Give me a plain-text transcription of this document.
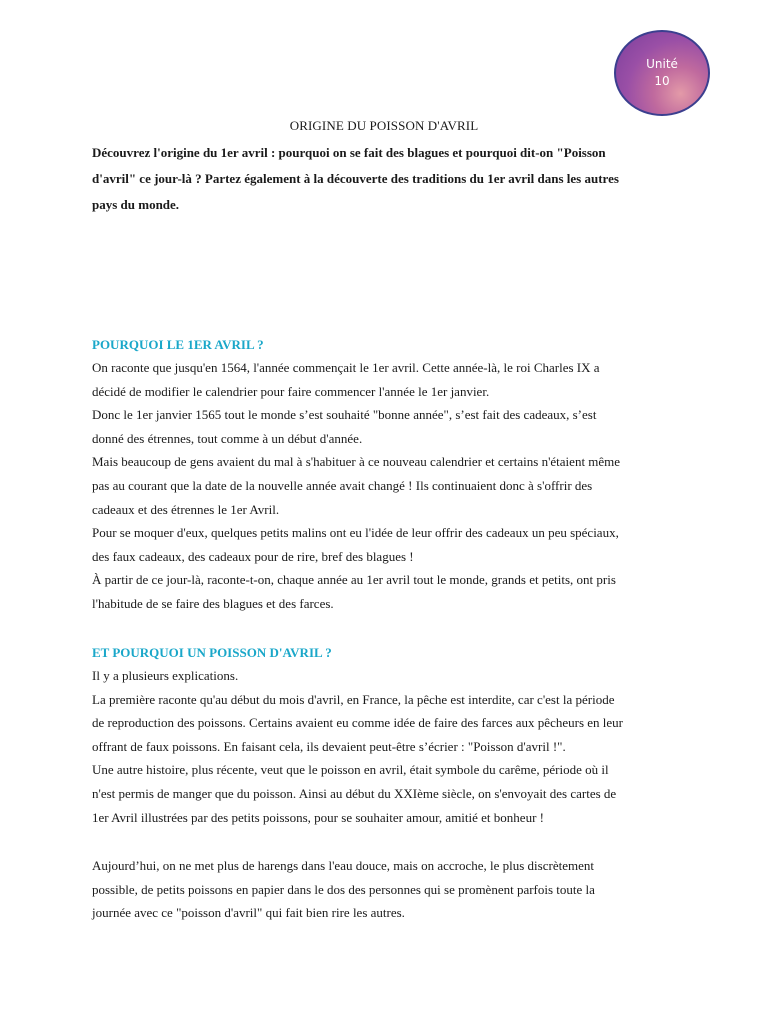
Unité
10
ORIGINE DU POISSON D'AVRIL

Découvrez l'origine du 1er avril : pourquoi on se fait des blagues et pourquoi dit-on "Poisson
d'avril" ce jour-là ? Partez également à la découverte des traditions du 1er avril dans les autres
pays du monde.

POURQUOI LE 1ER AVRIL ?

On raconte que jusqu'en 1564, l'année commençait le 1er avril. Cette année-là, le roi Charles IX a
décidé de modifier le calendrier pour faire commencer l'année le 1er janvier.
Donc le 1er janvier 1565 tout le monde s’est souhaité "bonne année", s’est fait des cadeaux, s’est
donné des étrennes, tout comme à un début d'année.
Mais beaucoup de gens avaient du mal à s'habituer à ce nouveau calendrier et certains n'étaient même
pas au courant que la date de la nouvelle année avait changé ! Ils continuaient donc à s'offrir des
cadeaux et des étrennes le 1er Avril.
Pour se moquer d'eux, quelques petits malins ont eu l'idée de leur offrir des cadeaux un peu spéciaux,
des faux cadeaux, des cadeaux pour de rire, bref des blagues !
À partir de ce jour-là, raconte-t-on, chaque année au 1er avril tout le monde, grands et petits, ont pris
l'habitude de se faire des blagues et des farces.

ET POURQUOI UN POISSON D'AVRIL ?

Il y a plusieurs explications.
La première raconte qu'au début du mois d'avril, en France, la pêche est interdite, car c'est la période
de reproduction des poissons. Certains avaient eu comme idée de faire des farces aux pêcheurs en leur
offrant de faux poissons. En faisant cela, ils devaient peut-être s’écrier : "Poisson d'avril !".
Une autre histoire, plus récente, veut que le poisson en avril, était symbole du carême, période où il
n'est permis de manger que du poisson. Ainsi au début du XXIème siècle, on s'envoyait des cartes de
1er Avril illustrées par des petits poissons, pour se souhaiter amour, amitié et bonheur !

Aujourd’hui, on ne met plus de harengs dans l'eau douce, mais on accroche, le plus discrètement
possible, de petits poissons en papier dans le dos des personnes qui se promènent parfois toute la
journée avec ce "poisson d'avril" qui fait bien rire les autres.
